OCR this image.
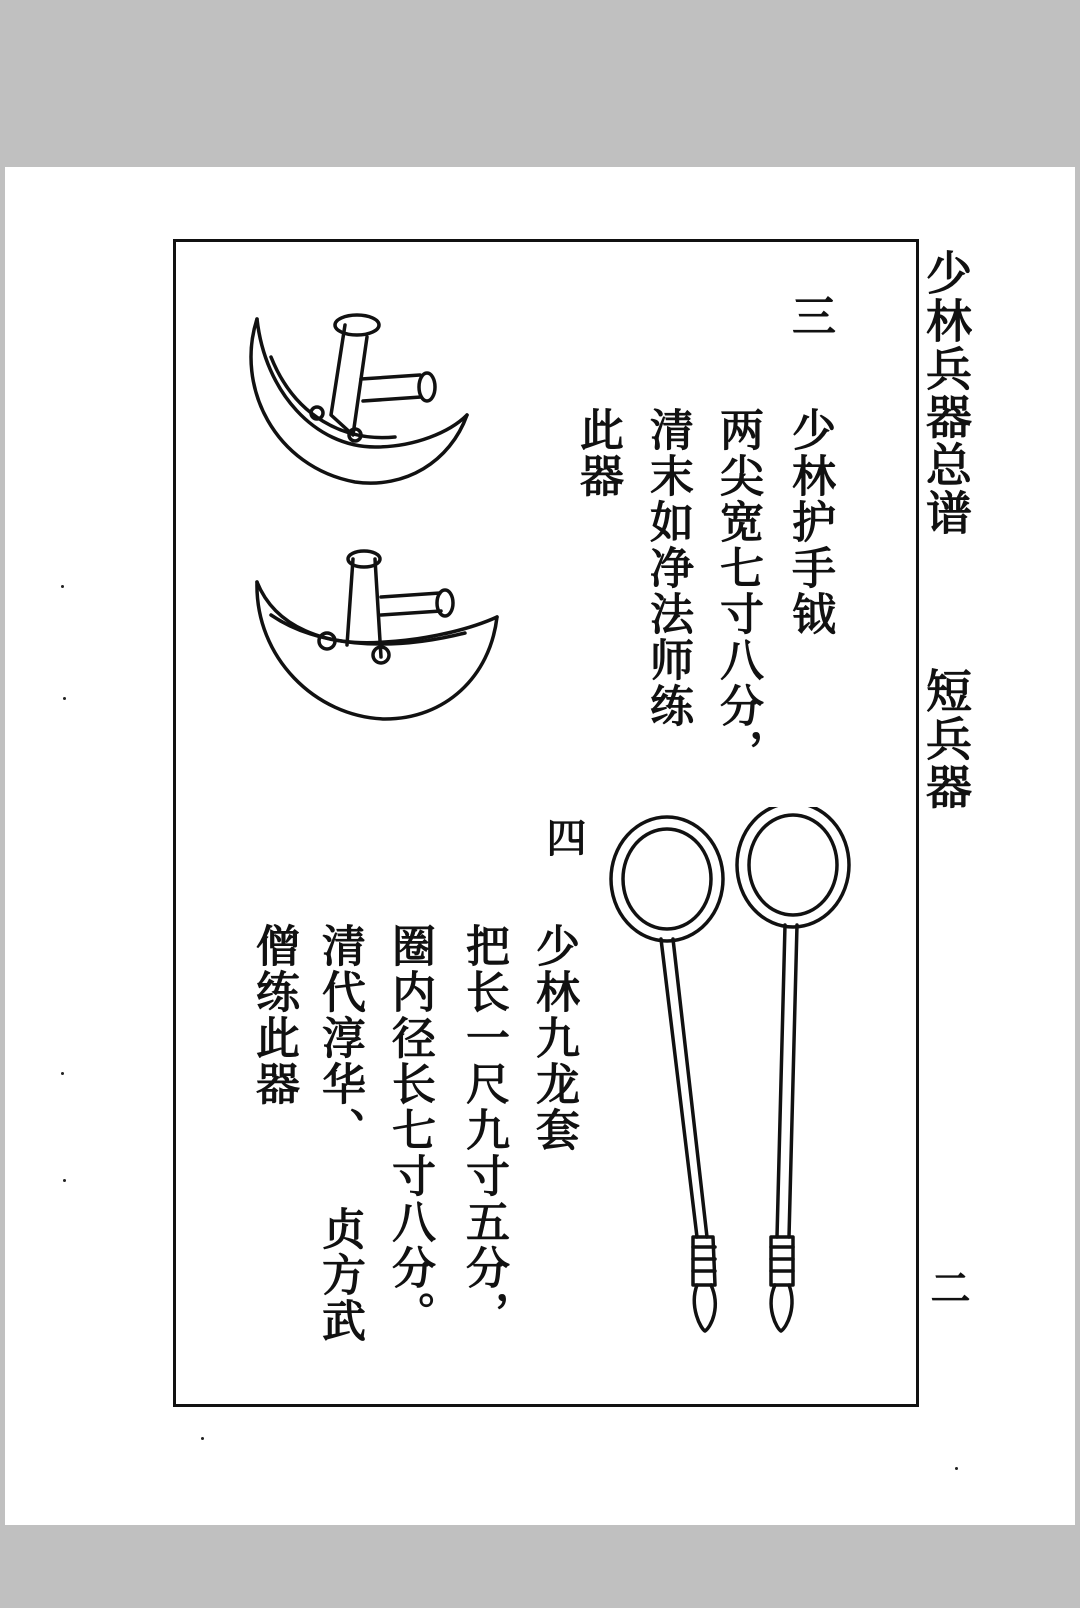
少林兵器总谱
短兵器
二
三
少林护手钺
两尖宽七寸八分，
清末如净法师练
此器
四
少林九龙套
把长一尺九寸五分，
圈内径长七寸八分。
清代淳华、 贞方武
僧练此器
